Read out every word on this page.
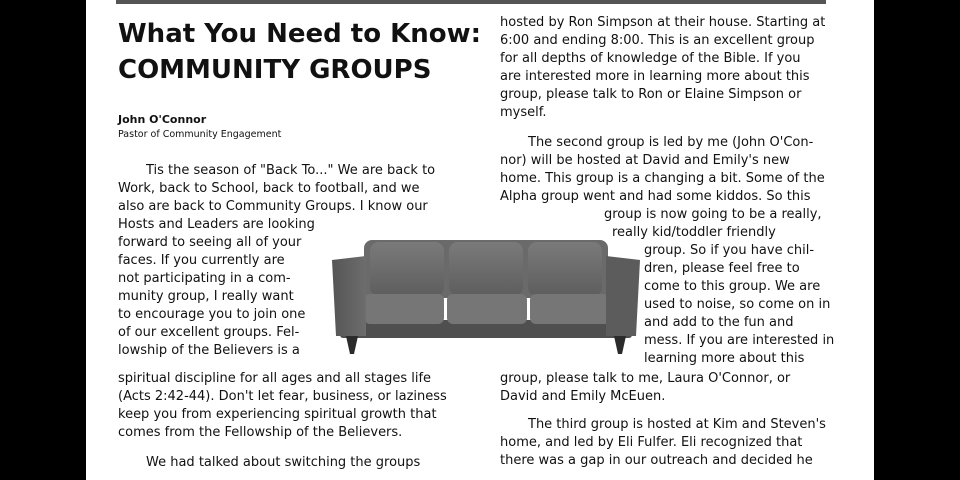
What You Need to Know:
COMMUNITY GROUPS
John O'Connor
Pastor of Community Engagement
Tis the season of "Back To..." We are back to
Work, back to School, back to football, and we
also are back to Community Groups. I know our
Hosts and Leaders are looking
forward to seeing all of your
faces. If you currently are
not participating in a com-
munity group, I really want
to encourage you to join one
of our excellent groups. Fel-
lowship of the Believers is a
spiritual discipline for all ages and all stages life
(Acts 2:42-44). Don't let fear, business, or laziness
keep you from experiencing spiritual growth that
comes from the Fellowship of the Believers.
We had talked about switching the groups
hosted by Ron Simpson at their house. Starting at
6:00 and ending 8:00. This is an excellent group
for all depths of knowledge of the Bible. If you
are interested more in learning more about this
group, please talk to Ron or Elaine Simpson or
myself.
The second group is led by me (John O'Con-
nor) will be hosted at David and Emily's new
home. This group is a changing a bit. Some of the
Alpha group went and had some kiddos. So this
group is now going to be a really,
really kid/toddler friendly
group. So if you have chil-
dren, please feel free to
come to this group. We are
used to noise, so come on in
and add to the fun and
mess. If you are interested in
learning more about this
group, please talk to me, Laura O'Connor, or
David and Emily McEuen.
The third group is hosted at Kim and Steven's
home, and led by Eli Fulfer. Eli recognized that
there was a gap in our outreach and decided he
